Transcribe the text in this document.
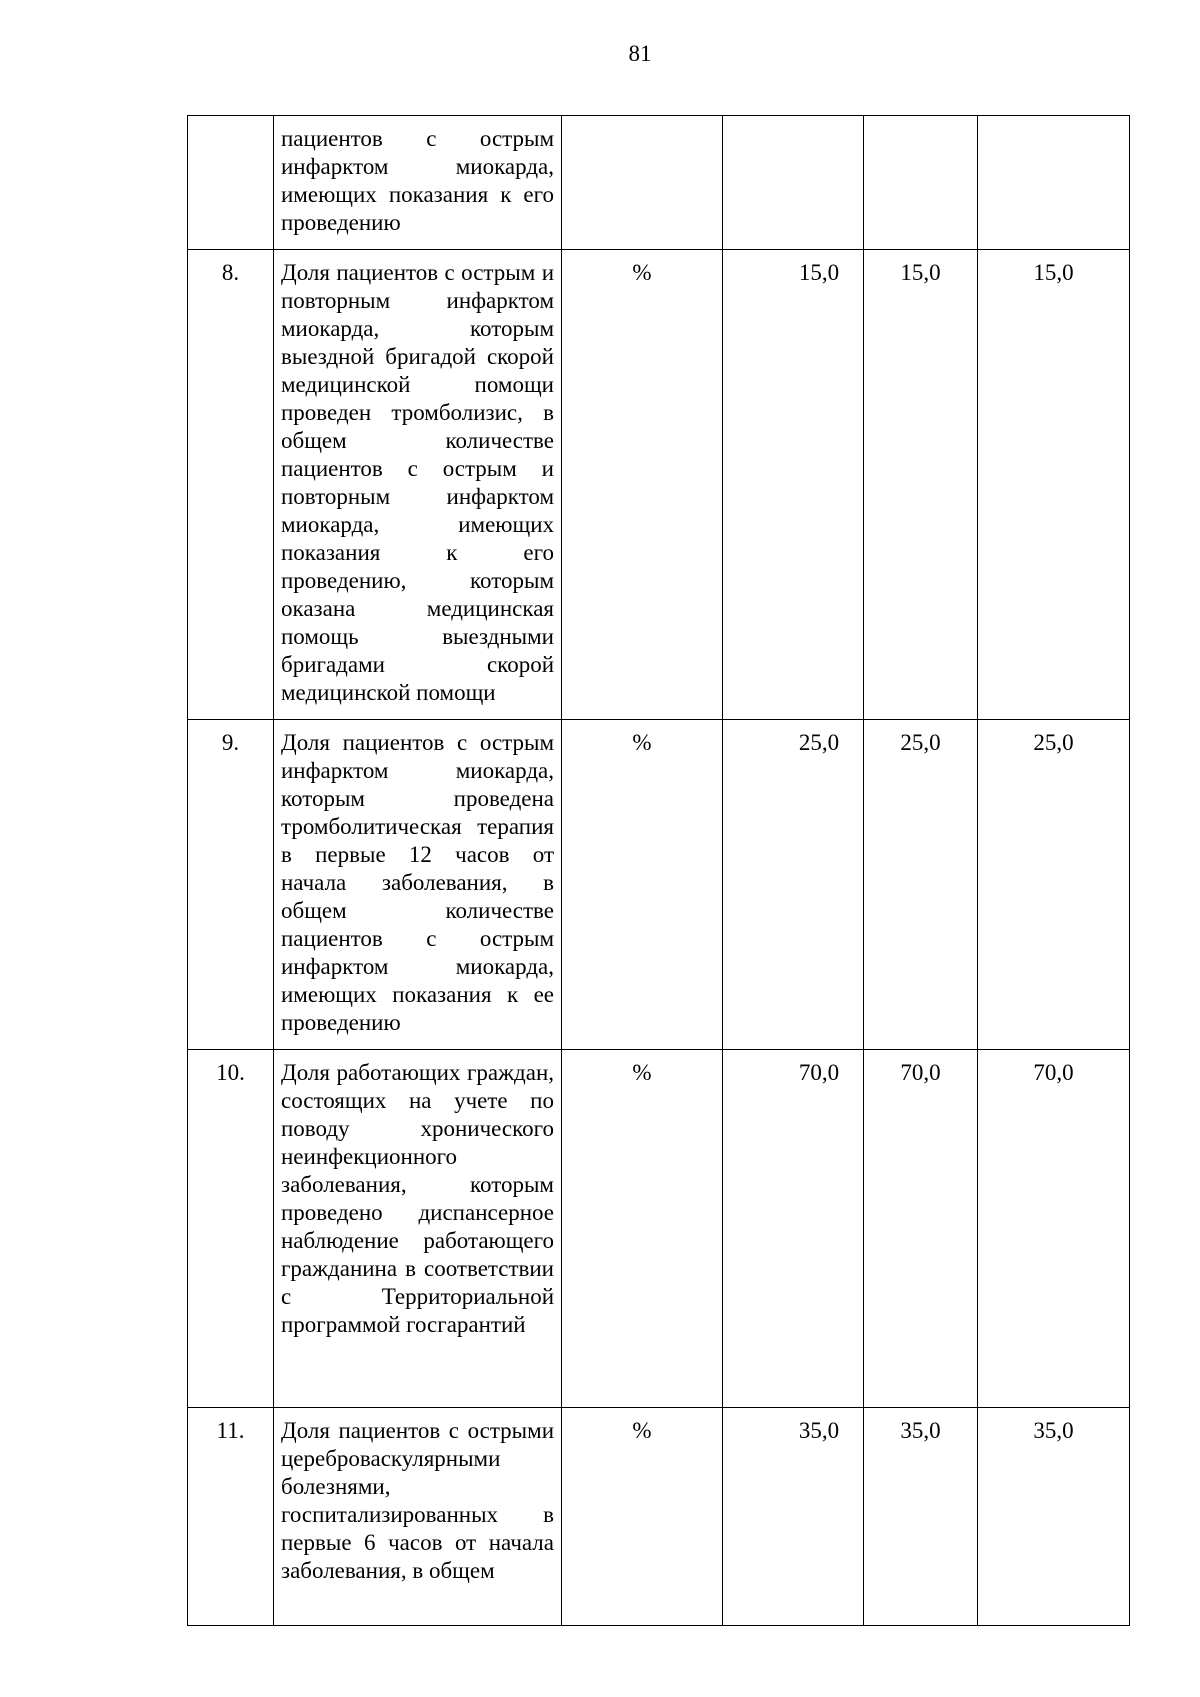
81
	пациентов с острым инфарктом миокарда, имеющих показания к его проведению				
8.	Доля пациентов с острым и повторным инфарктом миокарда, которым выездной бригадой скорой медицинской помощи проведен тромболизис, в общем количестве пациентов с острым и повторным инфарктом миокарда, имеющих показания к его проведению, которым оказана медицинская помощь выездными бригадами скорой медицинской помощи	%	15,0	15,0	15,0
9.	Доля пациентов с острым инфарктом миокарда, которым проведена тромболитическая терапия в первые 12 часов от начала заболевания, в общем количестве пациентов с острым инфарктом миокарда, имеющих показания к ее проведению	%	25,0	25,0	25,0
10.	Доля работающих граждан, состоящих на учете по поводу хронического неинфекционного заболевания, которым проведено диспансерное наблюдение работающего гражданина в соответствии с Территориальной программой госгарантий	%	70,0	70,0	70,0
11.	Доля пациентов с острыми цереброваскулярными болезнями, госпитализированных в первые 6 часов от начала заболевания, в общем	%	35,0	35,0	35,0
